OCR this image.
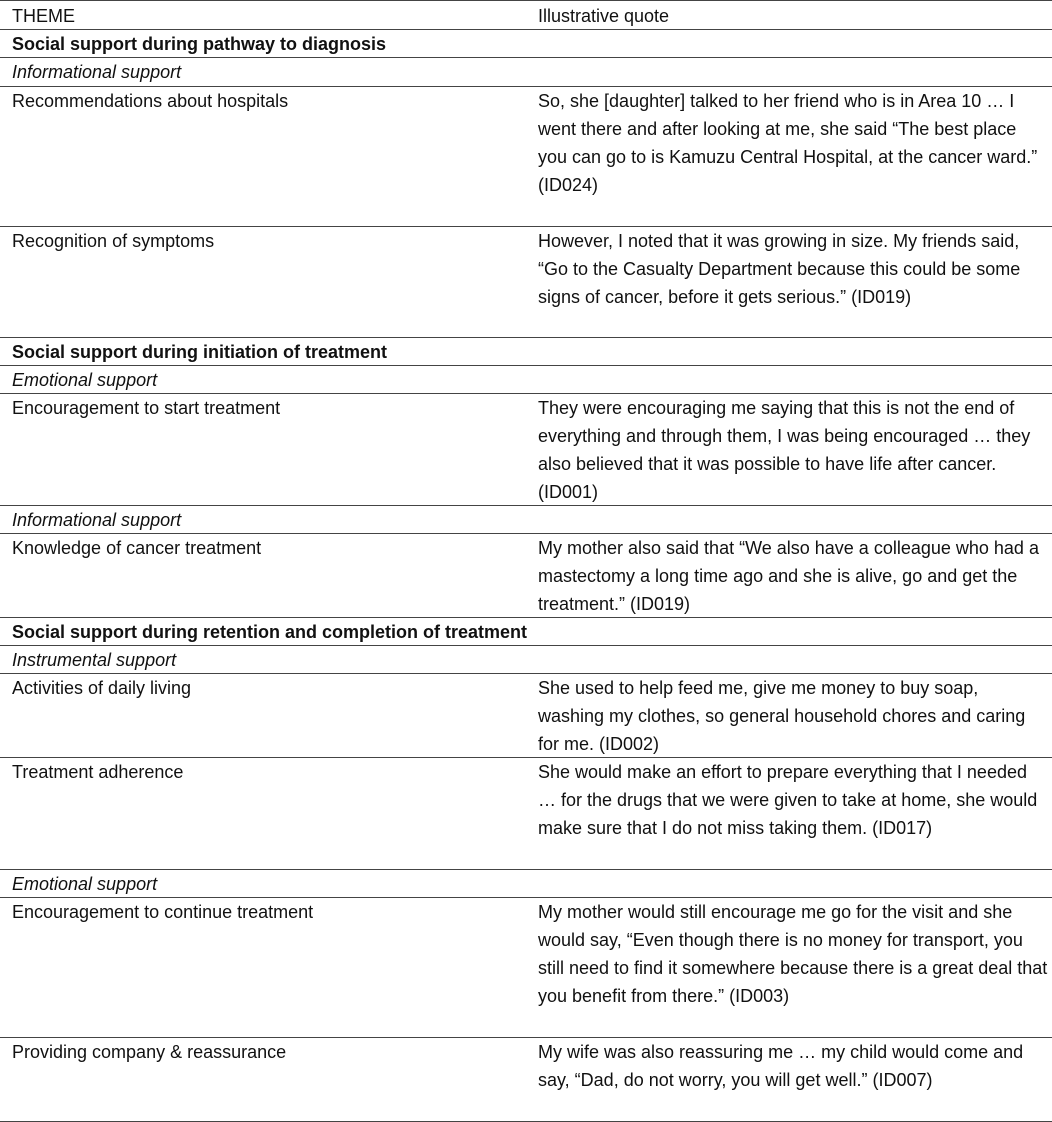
THEME	Illustrative quote
Social support during pathway to diagnosis
Informational support
Recommendations about hospitals	So, she [daughter] talked to her friend who is in Area 10 … I went there and after looking at me, she said “The best place you can go to is Kamuzu Central Hospital, at the cancer ward.” (ID024)
Recognition of symptoms	However, I noted that it was growing in size. My friends said, “Go to the Casualty Department because this could be some signs of cancer, before it gets serious.” (ID019)
Social support during initiation of treatment
Emotional support
Encouragement to start treatment	They were encouraging me saying that this is not the end of everything and through them, I was being encouraged … they also believed that it was possible to have life after cancer. (ID001)
Informational support
Knowledge of cancer treatment	My mother also said that “We also have a colleague who had a mastectomy a long time ago and she is alive, go and get the treatment.” (ID019)
Social support during retention and completion of treatment
Instrumental support
Activities of daily living	She used to help feed me, give me money to buy soap, washing my clothes, so general household chores and caring for me. (ID002)
Treatment adherence	She would make an effort to prepare everything that I needed … for the drugs that we were given to take at home, she would make sure that I do not miss taking them. (ID017)
Emotional support
Encouragement to continue treatment	My mother would still encourage me go for the visit and she would say, “Even though there is no money for transport, you still need to find it somewhere because there is a great deal that you benefit from there.” (ID003)
Providing company & reassurance	My wife was also reassuring me … my child would come and say, “Dad, do not worry, you will get well.” (ID007)
